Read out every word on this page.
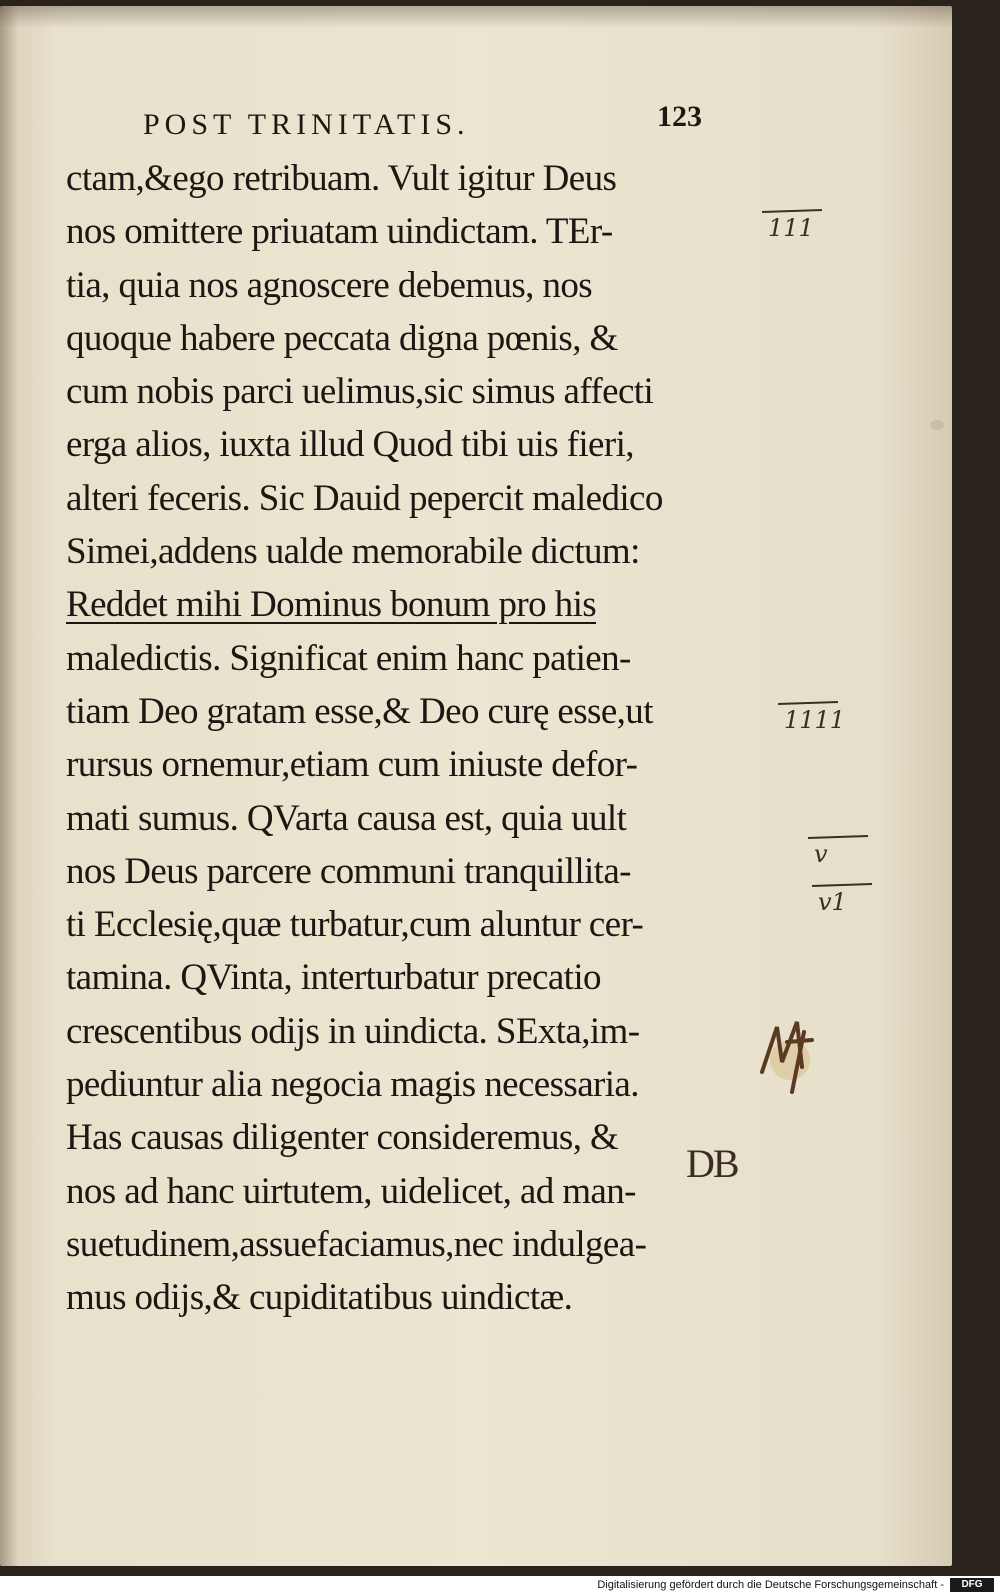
POST TRINITATIS.	123
ctam,&ego retribuam. Vult igitur Deus
nos omittere priuatam uindictam. TEr-
tia, quia nos agnoscere debemus, nos
quoque habere peccata digna pœnis, &
cum nobis parci uelimus,sic simus affecti
erga alios, iuxta illud Quod tibi uis fieri,
alteri feceris. Sic Dauid pepercit maledico
Simei,addens ualde memorabile dictum:
Reddet mihi Dominus bonum pro his
maledictis. Significat enim hanc patien-
tiam Deo gratam esse,& Deo curę esse,ut
rursus ornemur,etiam cum iniuste defor-
mati sumus. QVarta causa est, quia uult
nos Deus parcere communi tranquillita-
ti Ecclesię,quæ turbatur,cum aluntur cer-
tamina. QVinta, interturbatur precatio
crescentibus odijs in uindicta. SExta,im-
pediuntur alia negocia magis necessaria.
Has causas diligenter consideremus, &
nos ad hanc uirtutem, uidelicet, ad man-
suetudinem,assuefaciamus,nec indulgea-
mus odijs,& cupiditatibus uindictæ.
111
1111
v
v1
DB
Digitalisierung gefördert durch die Deutsche Forschungsgemeinschaft -	DFG
